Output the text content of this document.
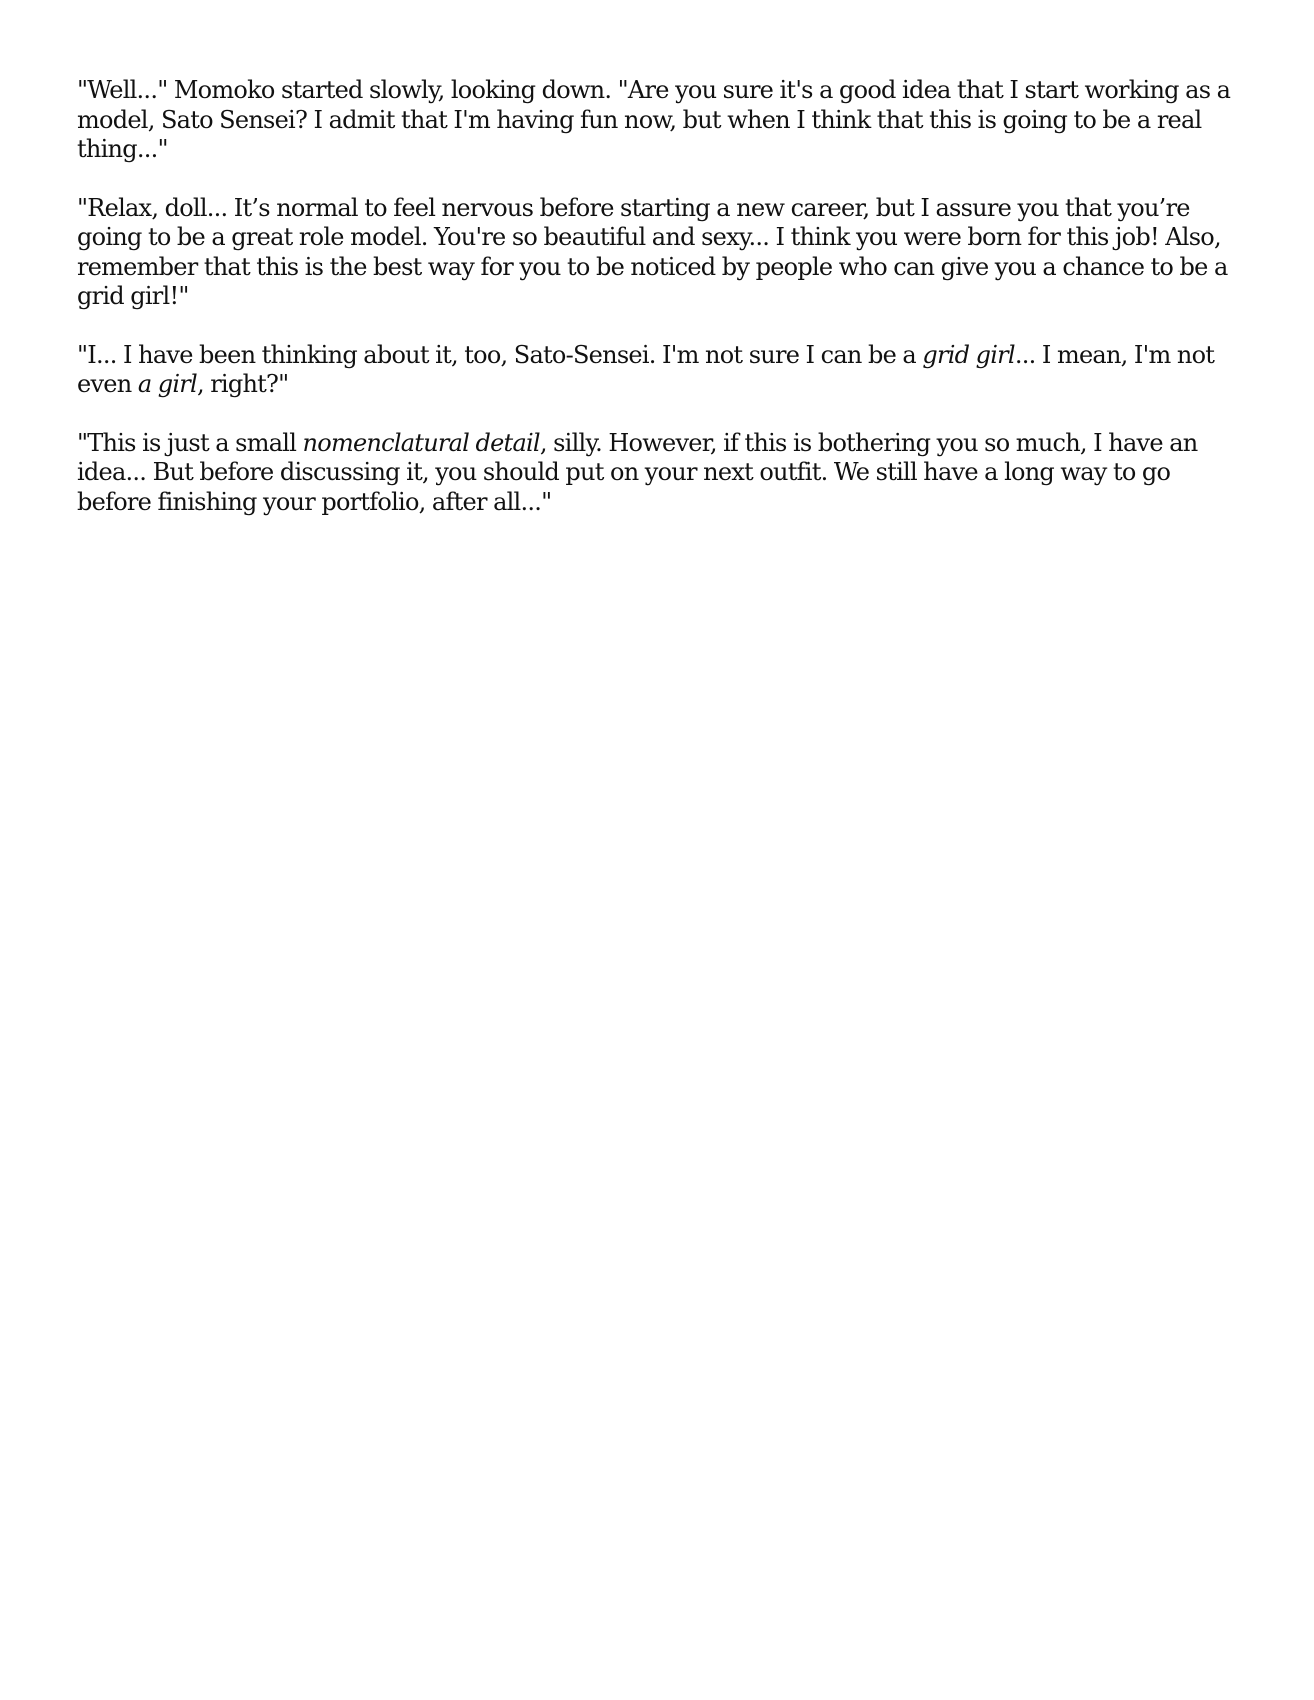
"Well..." Momoko started slowly, looking down. "Are you sure it's a good idea that I start working as a model, Sato Sensei? I admit that I'm having fun now, but when I think that this is going to be a real thing..."

"Relax, doll... It’s normal to feel nervous before starting a new career, but I assure you that you’re going to be a great role model. You're so beautiful and sexy... I think you were born for this job! Also, remember that this is the best way for you to be noticed by people who can give you a chance to be a grid girl!"

"I... I have been thinking about it, too, Sato-Sensei. I'm not sure I can be a grid girl... I mean, I'm not even a girl, right?"

"This is just a small nomenclatural detail, silly. However, if this is bothering you so much, I have an idea... But before discussing it, you should put on your next outfit. We still have a long way to go before finishing your portfolio, after all..."
